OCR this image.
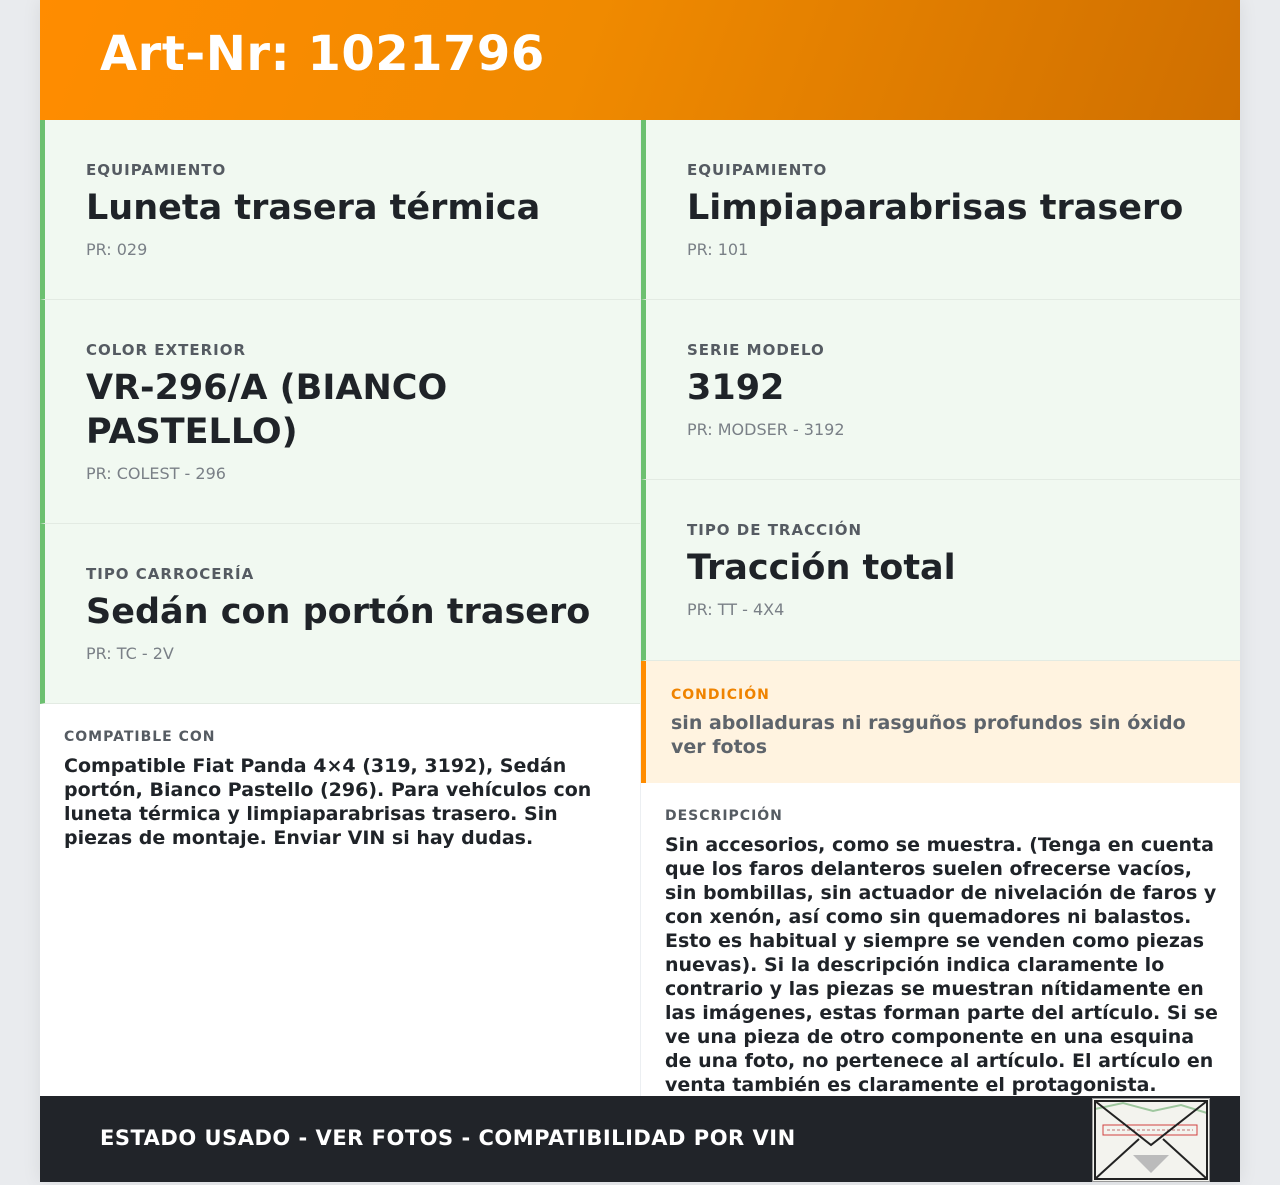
Art-Nr: 1021796
EQUIPAMIENTO
Luneta trasera térmica
PR: 029
COLOR EXTERIOR
VR-296/A (BIANCO PASTELLO)
PR: COLEST - 296
TIPO CARROCERÍA
Sedán con portón trasero
PR: TC - 2V
COMPATIBLE CON
Compatible Fiat Panda 4×4 (319, 3192), Sedán portón, Bianco Pastello (296). Para vehículos con luneta térmica y limpiaparabrisas trasero. Sin piezas de montaje. Enviar VIN si hay dudas.
EQUIPAMIENTO
Limpiaparabrisas trasero
PR: 101
SERIE MODELO
3192
PR: MODSER - 3192
TIPO DE TRACCIÓN
Tracción total
PR: TT - 4X4
CONDICIÓN
sin abolladuras ni rasguños profundos sin óxido ver fotos
DESCRIPCIÓN
Sin accesorios, como se muestra. (Tenga en cuenta que los faros delanteros suelen ofrecerse vacíos, sin bombillas, sin actuador de nivelación de faros y con xenón, así como sin quemadores ni balastos. Esto es habitual y siempre se venden como piezas nuevas). Si la descripción indica claramente lo contrario y las piezas se muestran nítidamente en las imágenes, estas forman parte del artículo. Si se ve una pieza de otro componente en una esquina de una foto, no pertenece al artículo. El artículo en venta también es claramente el protagonista.
ESTADO USADO - VER FOTOS - COMPATIBILIDAD POR VIN
